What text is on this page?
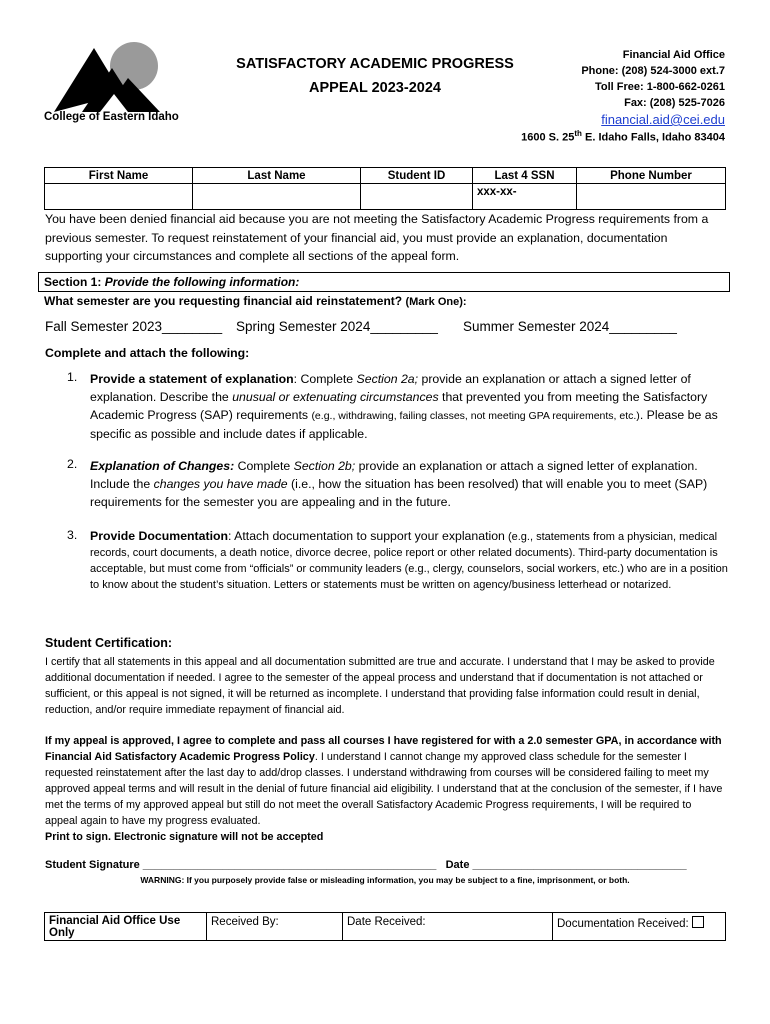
College of Eastern Idaho
SATISFACTORY ACADEMIC PROGRESS
APPEAL 2023-2024
Financial Aid Office
Phone: (208) 524-3000 ext.7
Toll Free: 1-800-662-0261
Fax: (208) 525-7026
financial.aid@cei.edu
1600 S. 25th E. Idaho Falls, Idaho 83404
First Name	Last Name	Student ID	Last 4 SSN	Phone Number
			xxx-xx-	
You have been denied financial aid because you are not meeting the Satisfactory Academic Progress requirements from a previous semester. To request reinstatement of your financial aid, you must provide an explanation, documentation supporting your circumstances and complete all sections of the appeal form.
Section 1: Provide the following information:
What semester are you requesting financial aid reinstatement? (Mark One):
Fall Semester 2023________ Spring Semester 2024_________ Summer Semester 2024_________
Complete and attach the following:
1. Provide a statement of explanation: Complete Section 2a; provide an explanation or attach a signed letter of explanation. Describe the unusual or extenuating circumstances that prevented you from meeting the Satisfactory Academic Progress (SAP) requirements (e.g., withdrawing, failing classes, not meeting GPA requirements, etc.). Please be as specific as possible and include dates if applicable.
2. Explanation of Changes: Complete Section 2b; provide an explanation or attach a signed letter of explanation. Include the changes you have made (i.e., how the situation has been resolved) that will enable you to meet (SAP) requirements for the semester you are appealing and in the future.
3. Provide Documentation: Attach documentation to support your explanation (e.g., statements from a physician, medical records, court documents, a death notice, divorce decree, police report or other related documents). Third-party documentation is acceptable, but must come from “officials” or community leaders (e.g., clergy, counselors, social workers, etc.) who are in a position to know about the student’s situation. Letters or statements must be written on agency/business letterhead or notarized.
Student Certification:
I certify that all statements in this appeal and all documentation submitted are true and accurate. I understand that I may be asked to provide additional documentation if needed. I agree to the semester of the appeal process and understand that if documentation is not attached or sufficient, or this appeal is not signed, it will be returned as incomplete. I understand that providing false information could result in denial, reduction, and/or require immediate repayment of financial aid.
If my appeal is approved, I agree to complete and pass all courses I have registered for with a 2.0 semester GPA, in accordance with Financial Aid Satisfactory Academic Progress Policy. I understand I cannot change my approved class schedule for the semester I requested reinstatement after the last day to add/drop classes. I understand withdrawing from courses will be considered failing to meet my approved appeal terms and will result in the denial of future financial aid eligibility. I understand that at the conclusion of the semester, if I have met the terms of my approved appeal but still do not meet the overall Satisfactory Academic Progress requirements, I will be required to appeal again to have my progress evaluated.
Print to sign. Electronic signature will not be accepted
Student Signature ________________________________________________ Date ___________________________________
WARNING: If you purposely provide false or misleading information, you may be subject to a fine, imprisonment, or both.
Financial Aid Office Use Only	Received By:	Date Received:	Documentation Received:
